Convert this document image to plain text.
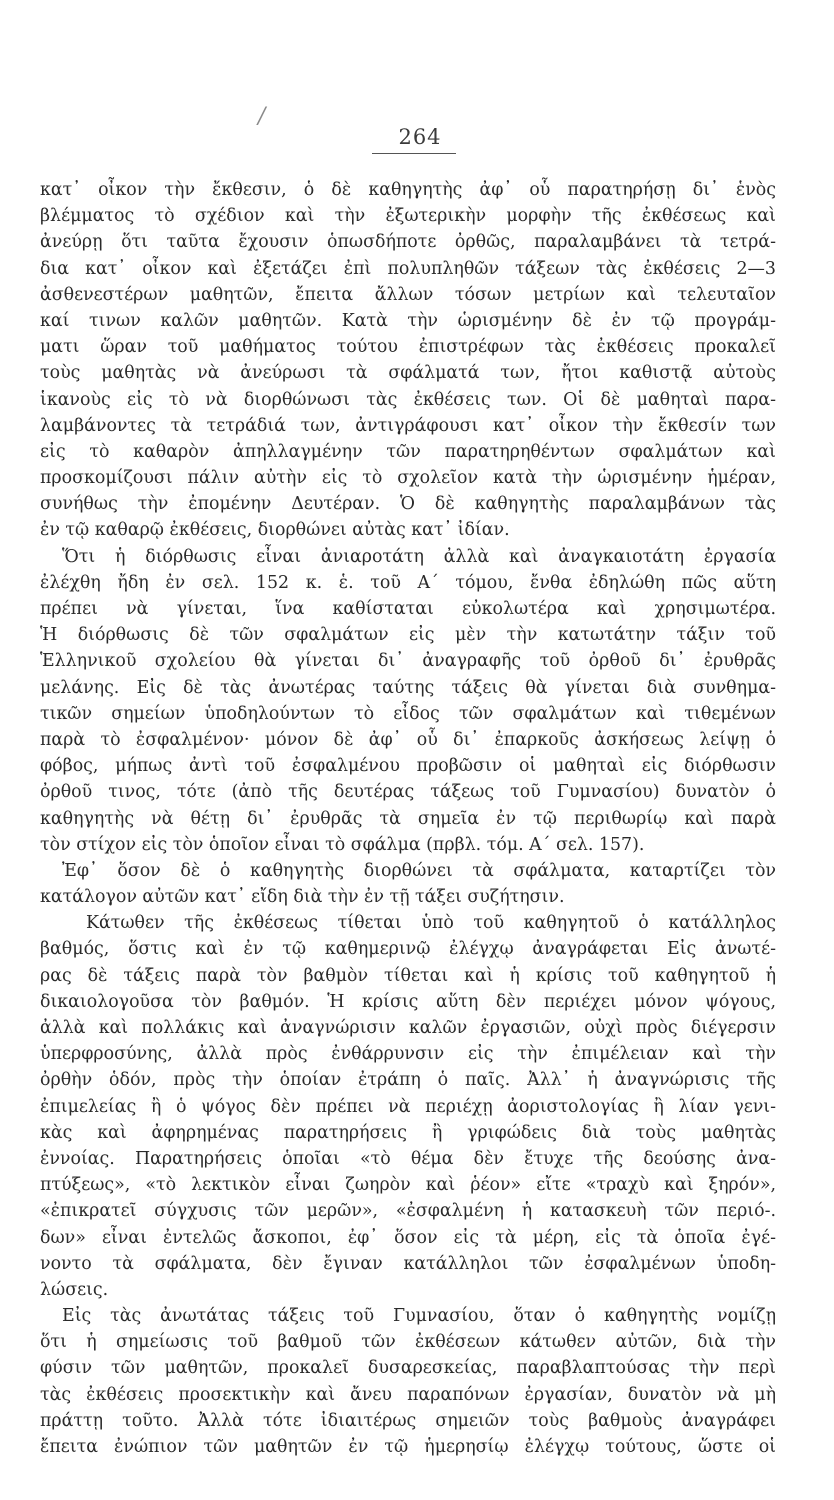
/
264
κατ᾽ οἶκον τὴν ἔκθεσιν, ὁ δὲ καθηγητὴς ἀφ᾽ οὗ παρατηρήσῃ δι᾽ ἑνὸς
βλέμματος τὸ σχέδιον καὶ τὴν ἐξωτερικὴν μορφὴν τῆς ἐκθέσεως καὶ
ἀνεύρῃ ὅτι ταῦτα ἔχουσιν ὁπωσδήποτε ὀρθῶς, παραλαμβάνει τὰ τετρά-
δια κατ᾽ οἶκον καὶ ἐξετάζει ἐπὶ πολυπληθῶν τάξεων τὰς ἐκθέσεις 2—3
ἀσθενεστέρων μαθητῶν, ἔπειτα ἄλλων τόσων μετρίων καὶ τελευταῖον
καί τινων καλῶν μαθητῶν. Κατὰ τὴν ὡρισμένην δὲ ἐν τῷ προγράμ-
ματι ὥραν τοῦ μαθήματος τούτου ἐπιστρέφων τὰς ἐκθέσεις προκαλεῖ
τοὺς μαθητὰς νὰ ἀνεύρωσι τὰ σφάλματά των, ἤτοι καθιστᾷ αὐτοὺς
ἱκανοὺς εἰς τὸ νὰ διορθώνωσι τὰς ἐκθέσεις των. Οἱ δὲ μαθηταὶ παρα-
λαμβάνοντες τὰ τετράδιά των, ἀντιγράφουσι κατ᾽ οἶκον τὴν ἔκθεσίν των
εἰς τὸ καθαρὸν ἀπηλλαγμένην τῶν παρατηρηθέντων σφαλμάτων καὶ
προσκομίζουσι πάλιν αὐτὴν εἰς τὸ σχολεῖον κατὰ τὴν ὡρισμένην ἡμέραν,
συνήθως τὴν ἐπομένην Δευτέραν. Ὁ δὲ καθηγητὴς παραλαμβάνων τὰς
ἐν τῷ καθαρῷ ἐκθέσεις, διορθώνει αὐτὰς κατ᾽ ἰδίαν.
Ὅτι ἡ διόρθωσις εἶναι ἀνιαροτάτη ἀλλὰ καὶ ἀναγκαιοτάτη ἐργασία
ἐλέχθη ἤδη ἐν σελ. 152 κ. ἑ. τοῦ Α´ τόμου, ἔνθα ἐδηλώθη πῶς αὕτη
πρέπει νὰ γίνεται, ἵνα καθίσταται εὐκολωτέρα καὶ χρησιμωτέρα.
Ἡ διόρθωσις δὲ τῶν σφαλμάτων εἰς μὲν τὴν κατωτάτην τάξιν τοῦ
Ἑλληνικοῦ σχολείου θὰ γίνεται δι᾽ ἀναγραφῆς τοῦ ὀρθοῦ δι᾽ ἐρυθρᾶς
μελάνης. Εἰς δὲ τὰς ἀνωτέρας ταύτης τάξεις θὰ γίνεται διὰ συνθημα-
τικῶν σημείων ὑποδηλούντων τὸ εἶδος τῶν σφαλμάτων καὶ τιθεμένων
παρὰ τὸ ἐσφαλμένον· μόνον δὲ ἀφ᾽ οὗ δι᾽ ἐπαρκοῦς ἀσκήσεως λείψῃ ὁ
φόβος, μήπως ἀντὶ τοῦ ἐσφαλμένου προβῶσιν οἱ μαθηταὶ εἰς διόρθωσιν
ὀρθοῦ τινος, τότε (ἀπὸ τῆς δευτέρας τάξεως τοῦ Γυμνασίου) δυνατὸν ὁ
καθηγητὴς νὰ θέτῃ δι᾽ ἐρυθρᾶς τὰ σημεῖα ἐν τῷ περιθωρίῳ καὶ παρὰ
τὸν στίχον εἰς τὸν ὁποῖον εἶναι τὸ σφάλμα (πρβλ. τόμ. Α´ σελ. 157).
Ἐφ᾽ ὅσον δὲ ὁ καθηγητὴς διορθώνει τὰ σφάλματα, καταρτίζει τὸν
κατάλογον αὐτῶν κατ᾽ εἴδη διὰ τὴν ἐν τῇ τάξει συζήτησιν.
Κάτωθεν τῆς ἐκθέσεως τίθεται ὑπὸ τοῦ καθηγητοῦ ὁ κατάλληλος
βαθμός, ὅστις καὶ ἐν τῷ καθημερινῷ ἐλέγχῳ ἀναγράφεται Εἰς ἀνωτέ-
ρας δὲ τάξεις παρὰ τὸν βαθμὸν τίθεται καὶ ἡ κρίσις τοῦ καθηγητοῦ ἡ
δικαιολογοῦσα τὸν βαθμόν. Ἡ κρίσις αὕτη δὲν περιέχει μόνον ψόγους,
ἀλλὰ καὶ πολλάκις καὶ ἀναγνώρισιν καλῶν ἐργασιῶν, οὐχὶ πρὸς διέγερσιν
ὑπερφροσύνης, ἀλλὰ πρὸς ἐνθάρρυνσιν εἰς τὴν ἐπιμέλειαν καὶ τὴν
ὀρθὴν ὁδόν, πρὸς τὴν ὁποίαν ἐτράπη ὁ παῖς. Ἀλλ᾽ ἡ ἀναγνώρισις τῆς
ἐπιμελείας ἢ ὁ ψόγος δὲν πρέπει νὰ περιέχῃ ἀοριστολογίας ἢ λίαν γενι-
κὰς καὶ ἀφηρημένας παρατηρήσεις ἢ γριφώδεις διὰ τοὺς μαθητὰς
ἐννοίας. Παρατηρήσεις ὁποῖαι «τὸ θέμα δὲν ἔτυχε τῆς δεούσης ἀνα-
πτύξεως», «τὸ λεκτικὸν εἶναι ζωηρὸν καὶ ῥέον» εἴτε «τραχὺ καὶ ξηρόν»,
«ἐπικρατεῖ σύγχυσις τῶν μερῶν», «ἐσφαλμένη ἡ κατασκευὴ τῶν περιό-.
δων» εἶναι ἐντελῶς ἄσκοποι, ἐφ᾽ ὅσον εἰς τὰ μέρη, εἰς τὰ ὁποῖα ἐγέ-
νοντο τὰ σφάλματα, δὲν ἔγιναν κατάλληλοι τῶν ἐσφαλμένων ὑποδη-
λώσεις.
Εἰς τὰς ἀνωτάτας τάξεις τοῦ Γυμνασίου, ὅταν ὁ καθηγητὴς νομίζῃ
ὅτι ἡ σημείωσις τοῦ βαθμοῦ τῶν ἐκθέσεων κάτωθεν αὐτῶν, διὰ τὴν
φύσιν τῶν μαθητῶν, προκαλεῖ δυσαρεσκείας, παραβλαπτούσας τὴν περὶ
τὰς ἐκθέσεις προσεκτικὴν καὶ ἄνευ παραπόνων ἐργασίαν, δυνατὸν νὰ μὴ
πράττῃ τοῦτο. Ἀλλὰ τότε ἰδιαιτέρως σημειῶν τοὺς βαθμοὺς ἀναγράφει
ἔπειτα ἐνώπιον τῶν μαθητῶν ἐν τῷ ἡμερησίῳ ἐλέγχῳ τούτους, ὥστε οἱ
